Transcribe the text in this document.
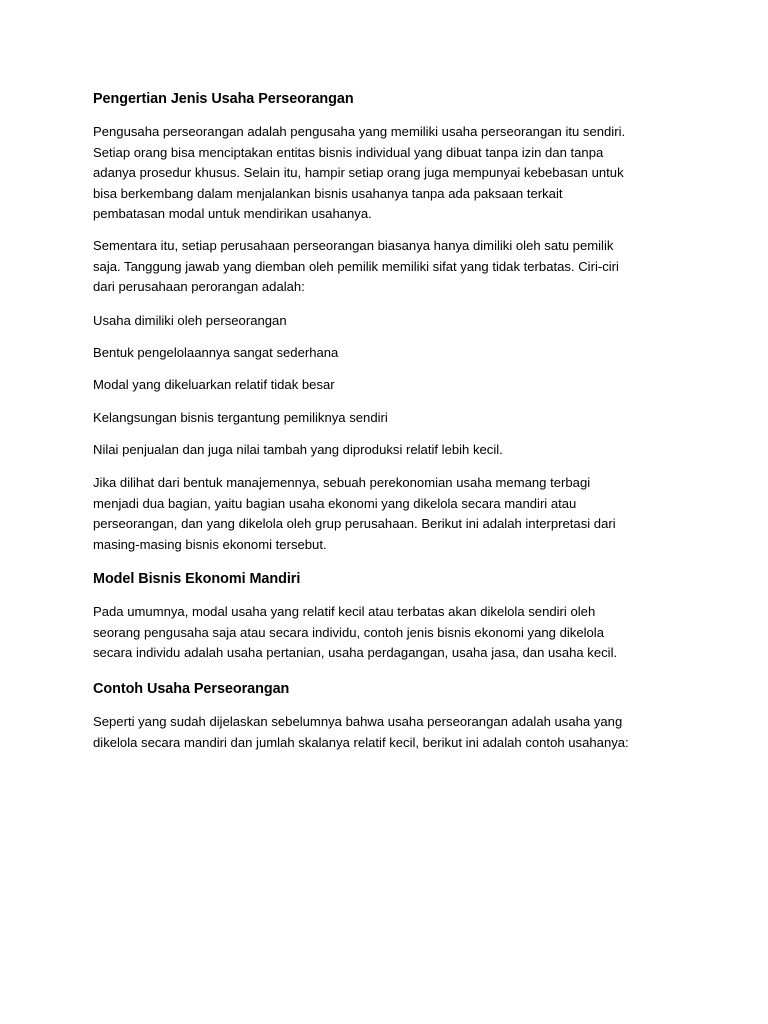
Pengertian Jenis Usaha Perseorangan
Pengusaha perseorangan adalah pengusaha yang memiliki usaha perseorangan itu sendiri.
Setiap orang bisa menciptakan entitas bisnis individual yang dibuat tanpa izin dan tanpa
adanya prosedur khusus. Selain itu, hampir setiap orang juga mempunyai kebebasan untuk
bisa berkembang dalam menjalankan bisnis usahanya tanpa ada paksaan terkait
pembatasan modal untuk mendirikan usahanya.
Sementara itu, setiap perusahaan perseorangan biasanya hanya dimiliki oleh satu pemilik
saja. Tanggung jawab yang diemban oleh pemilik memiliki sifat yang tidak terbatas. Ciri-ciri
dari perusahaan perorangan adalah:
Usaha dimiliki oleh perseorangan
Bentuk pengelolaannya sangat sederhana
Modal yang dikeluarkan relatif tidak besar
Kelangsungan bisnis tergantung pemiliknya sendiri
Nilai penjualan dan juga nilai tambah yang diproduksi relatif lebih kecil.
Jika dilihat dari bentuk manajemennya, sebuah perekonomian usaha memang terbagi
menjadi dua bagian, yaitu bagian usaha ekonomi yang dikelola secara mandiri atau
perseorangan, dan yang dikelola oleh grup perusahaan. Berikut ini adalah interpretasi dari
masing-masing bisnis ekonomi tersebut.
Model Bisnis Ekonomi Mandiri
Pada umumnya, modal usaha yang relatif kecil atau terbatas akan dikelola sendiri oleh
seorang pengusaha saja atau secara individu, contoh jenis bisnis ekonomi yang dikelola
secara individu adalah usaha pertanian, usaha perdagangan, usaha jasa, dan usaha kecil.
Contoh Usaha Perseorangan
Seperti yang sudah dijelaskan sebelumnya bahwa usaha perseorangan adalah usaha yang
dikelola secara mandiri dan jumlah skalanya relatif kecil, berikut ini adalah contoh usahanya:
